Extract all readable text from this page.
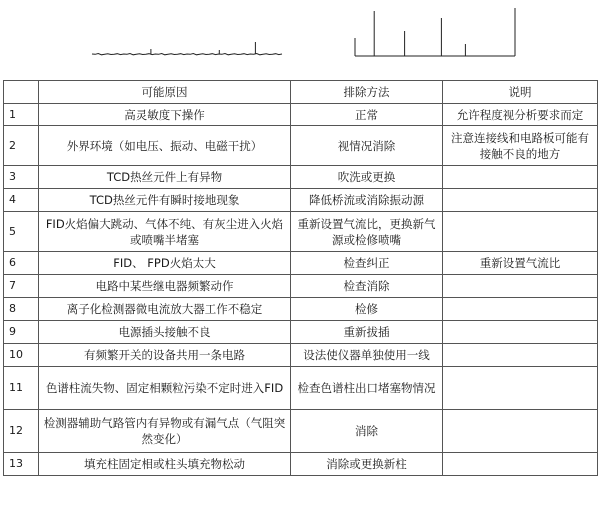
	可能原因	排除方法	说明
1	高灵敏度下操作	正常	允许程度视分析要求而定
2	外界环境（如电压、振动、电磁干扰）	视情况消除	注意连接线和电路板可能有接触不良的地方
3	TCD热丝元件上有异物	吹洗或更换	
4	TCD热丝元件有瞬时接地现象	降低桥流或消除振动源	
5	FID火焰偏大跳动、气体不纯、有灰尘进入火焰或喷嘴半堵塞	重新设置气流比，更换新气源或检修喷嘴	
6	FID、 FPD火焰太大	检查纠正	重新设置气流比
7	电路中某些继电器频繁动作	检查消除	
8	离子化检测器微电流放大器工作不稳定	检修	
9	电源插头接触不良	重新拔插	
10	有频繁开关的设备共用一条电路	设法使仪器单独使用一线	
11	色谱柱流失物、固定相颗粒污染不定时进入FID	检查色谱柱出口堵塞物情况	
12	检测器辅助气路管内有异物或有漏气点（气阻突然变化）	消除	
13	填充柱固定相或柱头填充物松动	消除或更换新柱	
